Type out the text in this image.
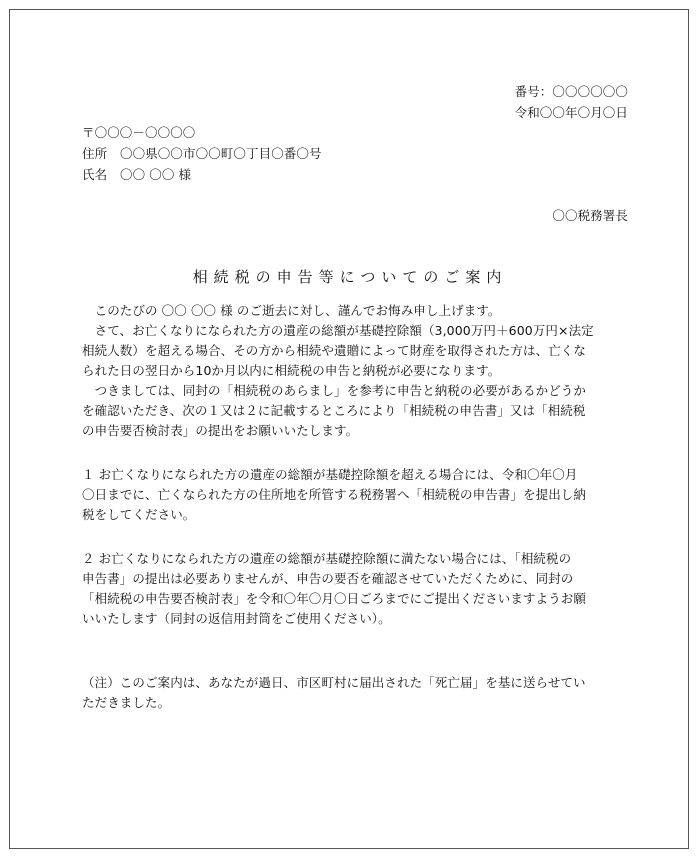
番号：〇〇〇〇〇〇
令和〇〇年〇月〇日
〒〇〇〇－〇〇〇〇
住所 〇〇県〇〇市〇〇町〇丁目〇番〇号
氏名 〇〇 〇〇 様
〇〇税務署長
相続税の申告等についてのご案内
　このたびの 〇〇 〇〇 様 のご逝去に対し、謹んでお悔み申し上げます。
　さて、お亡くなりになられた方の遺産の総額が基礎控除額（3,000万円＋600万円×法定
相続人数）を超える場合、その方から相続や遺贈によって財産を取得された方は、亡くな
られた日の翌日から10か月以内に相続税の申告と納税が必要になります。
　つきましては、同封の「相続税のあらまし」を参考に申告と納税の必要があるかどうか
を確認いただき、次の１又は２に記載するところにより「相続税の申告書」又は「相続税
の申告要否検討表」の提出をお願いいたします。
１ お亡くなりになられた方の遺産の総額が基礎控除額を超える場合には、令和〇年〇月
〇日までに、亡くなられた方の住所地を所管する税務署へ「相続税の申告書」を提出し納
税をしてください。
２ お亡くなりになられた方の遺産の総額が基礎控除額に満たない場合には、「相続税の
申告書」の提出は必要ありませんが、申告の要否を確認させていただくために、同封の
「相続税の申告要否検討表」を令和〇年〇月〇日ごろまでにご提出くださいますようお願
いいたします（同封の返信用封筒をご使用ください）。
（注）このご案内は、あなたが過日、市区町村に届出された「死亡届」を基に送らせてい
ただきました。
